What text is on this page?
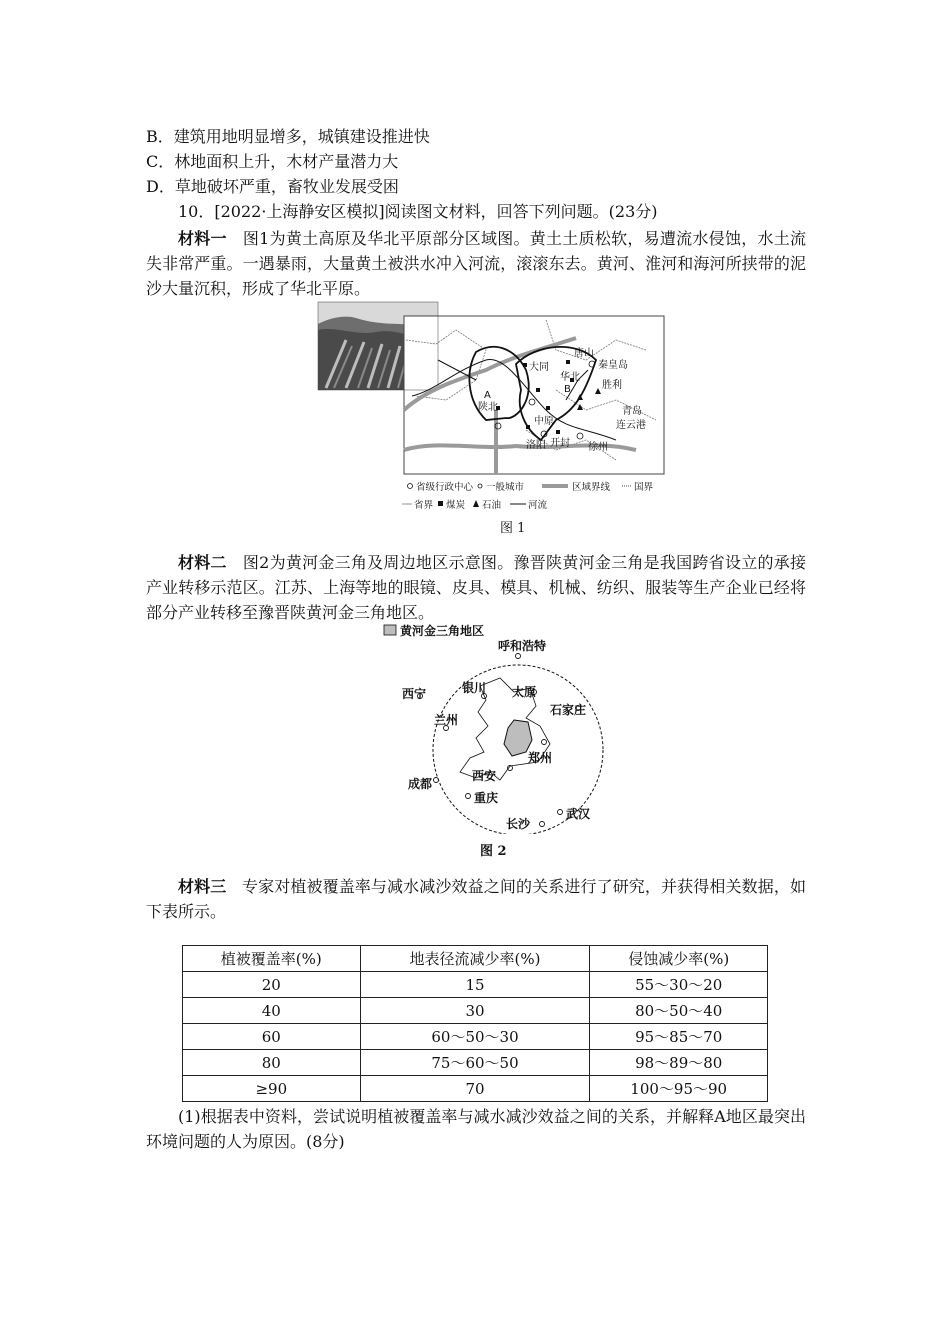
B．建筑用地明显增多，城镇建设推进快
C．林地面积上升，木材产量潜力大
D．草地破坏严重，畜牧业发展受困
10．[2022·上海静安区模拟]阅读图文材料，回答下列问题。(23分)
材料一 图1为黄土高原及华北平原部分区域图。黄土土质松软，易遭流水侵蚀，水土流失非常严重。一遇暴雨，大量黄土被洪水冲入河流，滚滚东去。黄河、淮河和海河所挟带的泥沙大量沉积，形成了华北平原。
大同
唐山
秦皇岛
华北
B	胜利
A
陕北
中原
青岛
连云港
洛阳 开封 徐州
省级行政中心 一般城市	区域界线	国界
省界 煤炭 石油	河流
图 1
材料二 图2为黄河金三角及周边地区示意图。豫晋陕黄河金三角是我国跨省设立的承接产业转移示范区。江苏、上海等地的眼镜、皮具、模具、机械、纺织、服装等生产企业已经将部分产业转移至豫晋陕黄河金三角地区。
黄河金三角地区
呼和浩特
银川 太原
西宁
石家庄
兰州
郑州
西安
成都
重庆
武汉
长沙
图 2
材料三 专家对植被覆盖率与减水减沙效益之间的关系进行了研究，并获得相关数据，如下表所示。
植被覆盖率(%)	地表径流减少率(%)	侵蚀减少率(%)
20	15	55～30～20
40	30	80～50～40
60	60～50～30	95～85～70
80	75～60～50	98～89～80
≥90	70	100～95～90
(1)根据表中资料，尝试说明植被覆盖率与减水减沙效益之间的关系，并解释A地区最突出环境问题的人为原因。(8分)
